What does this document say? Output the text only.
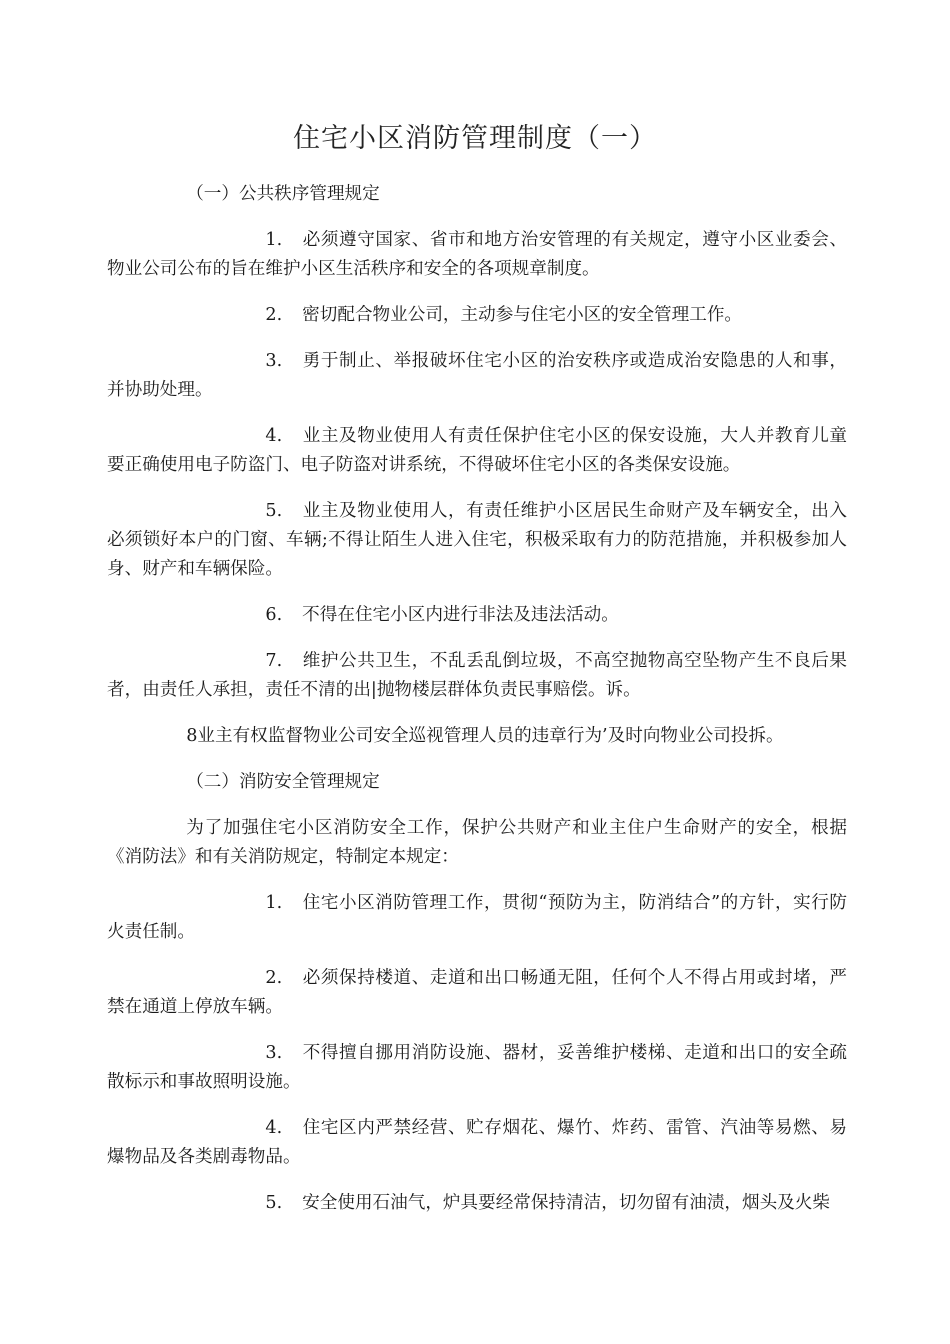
住宅小区消防管理制度（一）

（一）公共秩序管理规定

1. 必须遵守国家、省市和地方治安管理的有关规定，遵守小区业委会、物业公司公布的旨在维护小区生活秩序和安全的各项规章制度。

2. 密切配合物业公司，主动参与住宅小区的安全管理工作。

3. 勇于制止、举报破坏住宅小区的治安秩序或造成治安隐患的人和事，并协助处理。

4. 业主及物业使用人有责任保护住宅小区的保安设施，大人并教育儿童要正确使用电子防盗门、电子防盗对讲系统，不得破坏住宅小区的各类保安设施。

5. 业主及物业使用人，有责任维护小区居民生命财产及车辆安全，出入必须锁好本户的门窗、车辆;不得让陌生人进入住宅，积极采取有力的防范措施，并积极参加人身、财产和车辆保险。

6. 不得在住宅小区内进行非法及违法活动。

7. 维护公共卫生，不乱丢乱倒垃圾，不高空抛物高空坠物产生不良后果者，由责任人承担，责任不清的出|抛物楼层群体负责民事赔偿。诉。

8业主有权监督物业公司安全巡视管理人员的违章行为’及时向物业公司投拆。

（二）消防安全管理规定

为了加强住宅小区消防安全工作，保护公共财产和业主住户生命财产的安全，根据《消防法》和有关消防规定，特制定本规定：

1. 住宅小区消防管理工作，贯彻“预防为主，防消结合”的方针，实行防火责任制。

2. 必须保持楼道、走道和出口畅通无阻，任何个人不得占用或封堵，严禁在通道上停放车辆。

3. 不得擅自挪用消防设施、器材，妥善维护楼梯、走道和出口的安全疏散标示和事故照明设施。

4. 住宅区内严禁经营、贮存烟花、爆竹、炸药、雷管、汽油等易燃、易爆物品及各类剧毒物品。

5. 安全使用石油气，炉具要经常保持清洁，切勿留有油渍，烟头及火柴
